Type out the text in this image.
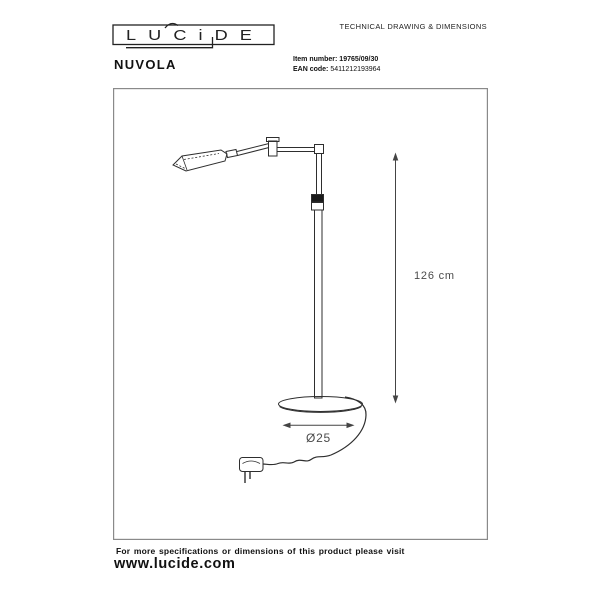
LUCiDE
NUVOLA
TECHNICAL DRAWING & DIMENSIONS
Item number: 19765/09/30
EAN code: 5411212193964
126 cm
Ø25
For more specifications or dimensions of this product please visit
www.lucide.com
